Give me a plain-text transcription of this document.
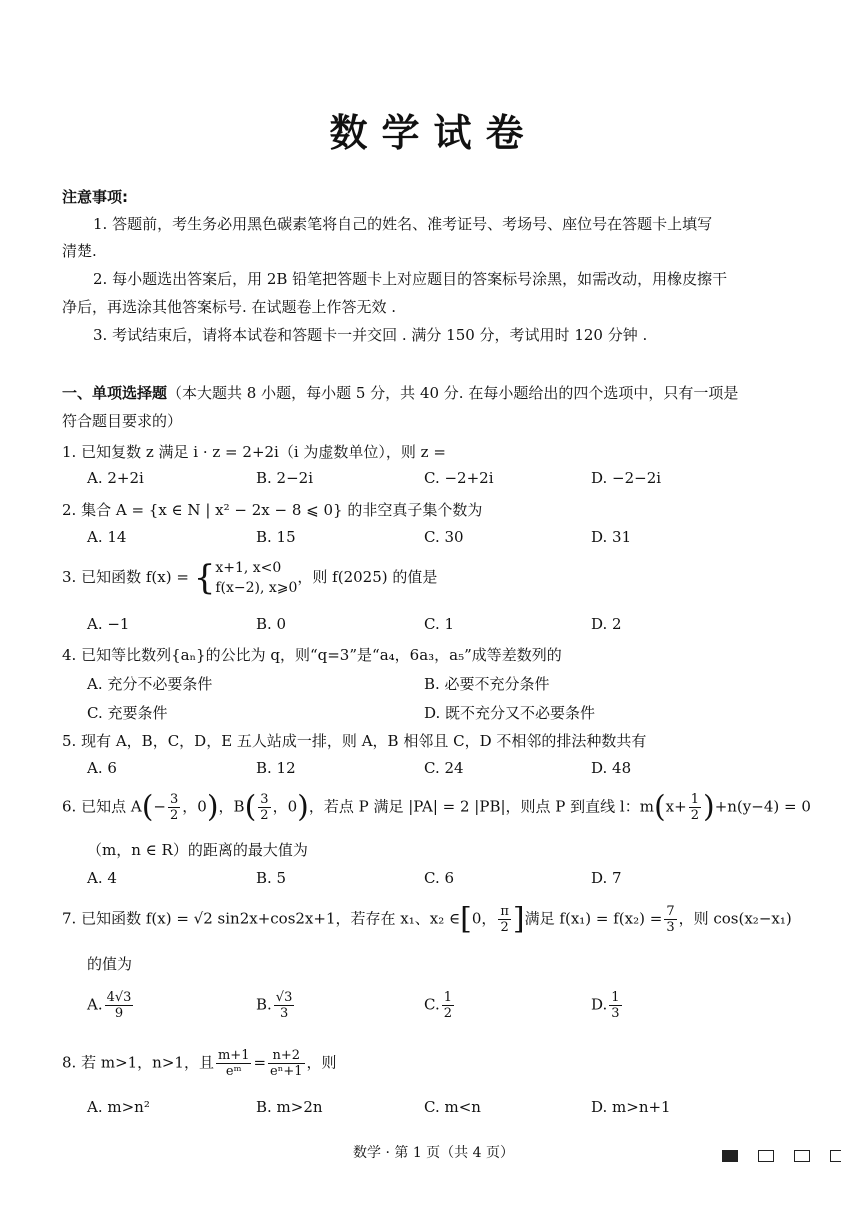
数学试卷
注意事项:
1. 答题前，考生务必用黑色碳素笔将自己的姓名、准考证号、考场号、座位号在答题卡上填写
清楚.
2. 每小题选出答案后，用 2B 铅笔把答题卡上对应题目的答案标号涂黑，如需改动，用橡皮擦干
净后，再选涂其他答案标号. 在试题卷上作答无效 .
3. 考试结束后，请将本试卷和答题卡一并交回 . 满分 150 分，考试用时 120 分钟 .
一、单项选择题（本大题共 8 小题，每小题 5 分，共 40 分. 在每小题给出的四个选项中，只有一项是
符合题目要求的）
1. 已知复数 z 满足 i · z = 2+2i（i 为虚数单位），则 z =
A. 2+2i	B. 2−2i	C. −2+2i	D. −2−2i
2. 集合 A = {x ∈ N | x² − 2x − 8 ⩽ 0} 的非空真子集个数为
A. 14	B. 15	C. 30	D. 31
3. 已知函数 f(x) = { x+1, x<0
f(x−2), x⩾0
，则 f(2025) 的值是
A. −1	B. 0	C. 1	D. 2
4. 已知等比数列{aₙ}的公比为 q，则“q=3”是“a₄，6a₃，a₅”成等差数列的
A. 充分不必要条件	B. 必要不充分条件
C. 充要条件	D. 既不充分又不必要条件
5. 现有 A，B，C，D，E 五人站成一排，则 A，B 相邻且 C，D 不相邻的排法种数共有
A. 6	B. 12	C. 24	D. 48
6. 已知点 $A(- \frac{3}{2}$ ，0)，$B( \frac{3}{2}$ ，0)，若点 P 满足 |PA| = 2 |PB|，则点 P 到直线 l：$m(x+ \frac{1}{2} )+n(y-4) = 0$
（m，n ∈ R）的距离的最大值为
A. 4	B. 5	C. 6	D. 7
7. 已知函数 f(x) = √2 sin2x+cos2x+1，若存在 x₁、x₂ ∈[0， $\frac{\pi}{2}$ ]满足 $f(x_1) = f(x_2) = \frac{7}{3}$ ，则 cos(x₂−x₁)
的值为
A. $\frac{4√3}{9}$	B. $\frac{√3}{3}$	C. $\frac{1}{2}$	D. $\frac{1}{3}$
8. 若 m>1，n>1，且 $\frac{m+1}{\text{eᵐ}} = \frac{n+2}{\text{eⁿ+1}}$ ，则
A. m>n²	B. m>2n	C. m<n	D. m>n+1
数学 · 第 1 页（共 4 页）
